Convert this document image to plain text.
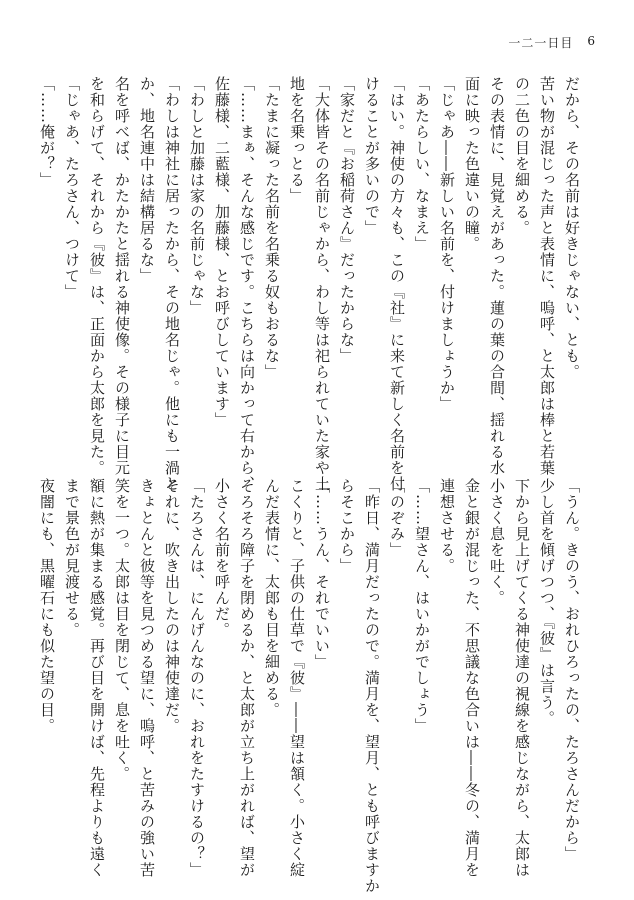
一二一日目 6
だから、その名前は好きじゃない、とも。
苦い物が混じった声と表情に、嗚呼、と太郎は棒と若葉
の二色の目を細める。
その表情に、見覚えがあった。蓮の葉の合間、揺れる水
面に映った色違いの瞳。
「じゃあ――新しい名前を、付けましょうか」
「あたらしい、なまえ」
「はい。神使の方々も、この『社』に来て新しく名前を付
けることが多いので」
「家だと『お稲荷さん』だったからな」
「大体皆その名前じゃから、わし等は祀られていた家や土
地を名乗っとる」
「たまに凝った名前を名乗る奴もおるな」
「……まぁ、そんな感じです。こちらは向かって右から、
佐藤様、二藍様、加藤様、とお呼びしています」
「わしと加藤は家の名前じゃな」
「わしは神社に居ったから、その地名じゃ。他にも一渦と
か、地名連中は結構居るな」
名を呼べば、かたかたと揺れる神使像。その様子に目元
を和らげて、それから『彼』は、正面から太郎を見た。
「じゃあ、たろさん、つけて」
「……俺が？」
「うん。きのう、おれひろったの、たろさんだから」
少し首を傾げつつ、『彼』は言う。
下から見上げてくる神使達の視線を感じながら、太郎は
小さく息を吐く。
金と銀が混じった、不思議な色合いは――冬の、満月を
連想させる。
「……望さん、はいかがでしょう」
「のぞみ」
「昨日、満月だったので。満月を、望月、とも呼びますか
らそこから」
「……うん、それでいい」
こくりと、子供の仕草で『彼』――望は頷く。小さく綻
んだ表情に、太郎も目を細める。
そろそろ障子を閉めるか、と太郎が立ち上がれば、望が
小さく名前を呼んだ。
「たろさんは、にんげんなのに、おれをたすけるの？」
それに、吹き出したのは神使達だ。
きょとんと彼等を見つめる望に、嗚呼、と苦みの強い苦
笑を一つ。太郎は目を閉じて、息を吐く。
額に熱が集まる感覚。再び目を開けば、先程よりも遠く
まで景色が見渡せる。
夜闇にも、黒曜石にも似た望の目。
